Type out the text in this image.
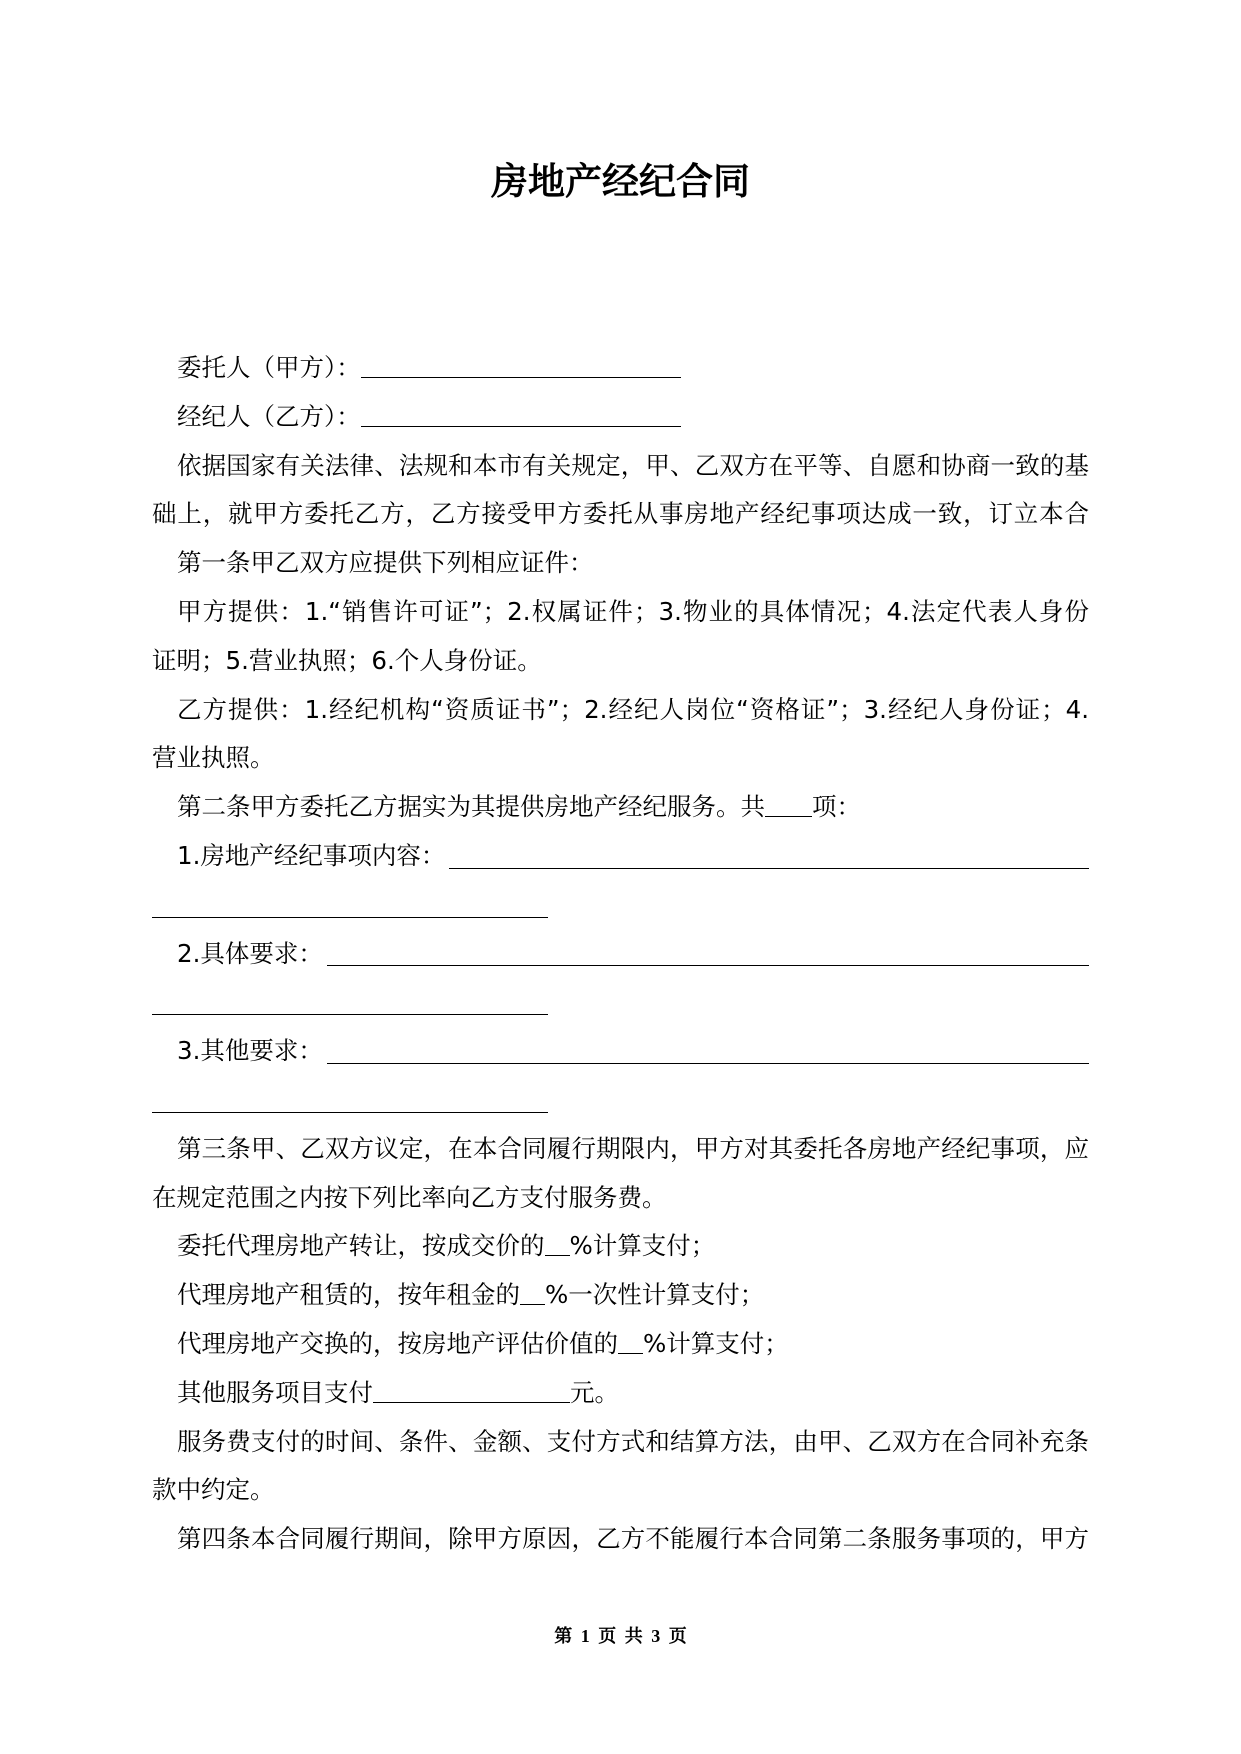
房地产经纪合同
委托人（甲方）：
经纪人（乙方）：
依据国家有关法律、法规和本市有关规定，甲、乙双方在平等、自愿和协商一致的基
础上，就甲方委托乙方，乙方接受甲方委托从事房地产经纪事项达成一致，订立本合
第一条甲乙双方应提供下列相应证件：
甲方提供：1.“销售许可证”；2.权属证件；3.物业的具体情况；4.法定代表人身份
证明；5.营业执照；6.个人身份证。
乙方提供：1.经纪机构“资质证书”；2.经纪人岗位“资格证”；3.经纪人身份证；4.
营业执照。
第二条甲方委托乙方据实为其提供房地产经纪服务。共 项：
1.房地产经纪事项内容：
2.具体要求：
3.其他要求：
第三条甲、乙双方议定，在本合同履行期限内，甲方对其委托各房地产经纪事项，应
在规定范围之内按下列比率向乙方支付服务费。
委托代理房地产转让，按成交价的 %计算支付；
代理房地产租赁的，按年租金的 %一次性计算支付；
代理房地产交换的，按房地产评估价值的 %计算支付；
其他服务项目支付	元。
服务费支付的时间、条件、金额、支付方式和结算方法，由甲、乙双方在合同补充条
款中约定。
第四条本合同履行期间，除甲方原因，乙方不能履行本合同第二条服务事项的，甲方
第 1 页 共 3 页
